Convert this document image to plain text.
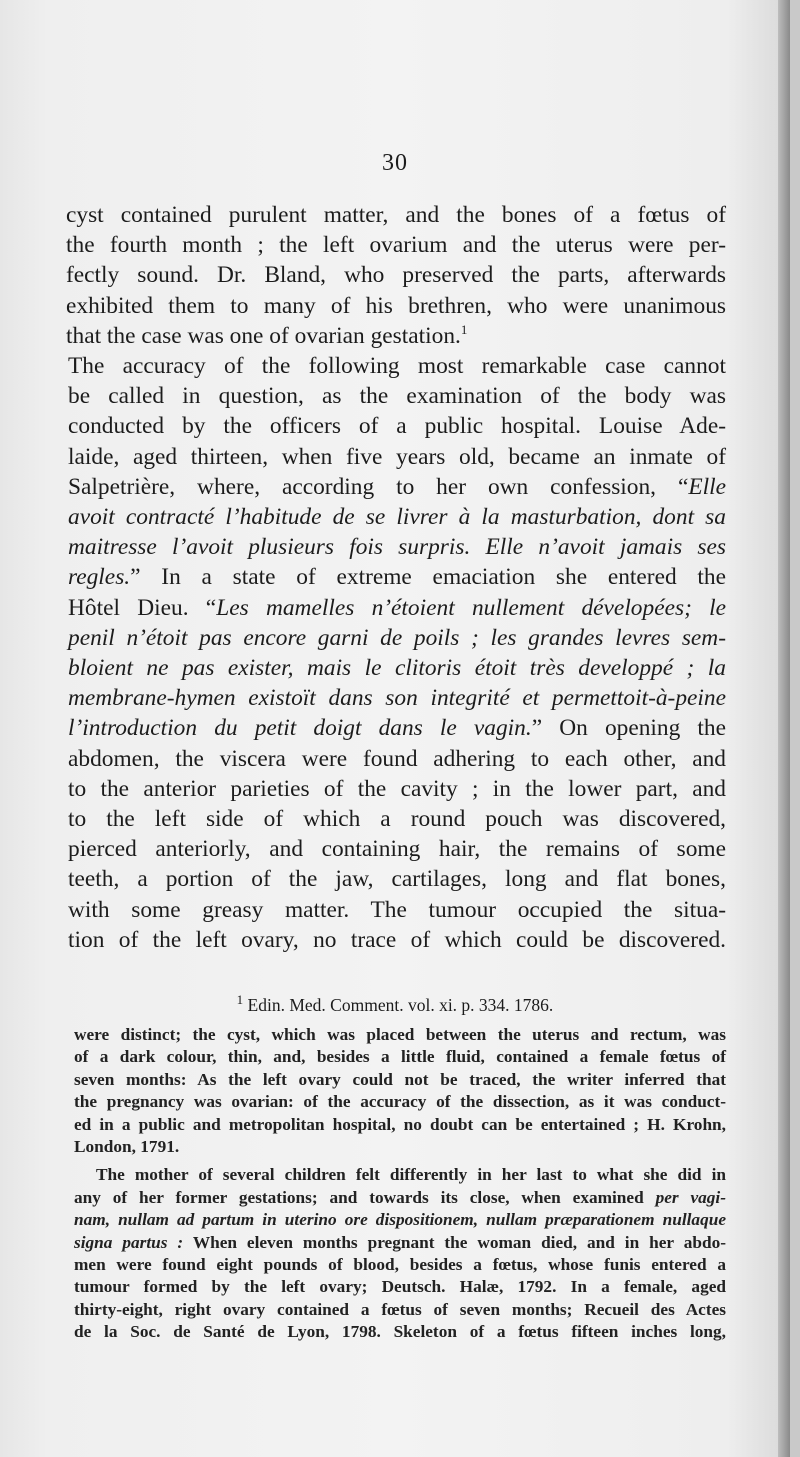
30

cyst contained purulent matter, and the bones of a fœtus of
the fourth month ; the left ovarium and the uterus were per-
fectly sound. Dr. Bland, who preserved the parts, afterwards
exhibited them to many of his brethren, who were unanimous
that the case was one of ovarian gestation.$^1$

The accuracy of the following most remarkable case cannot
be called in question, as the examination of the body was
conducted by the officers of a public hospital. Louise Ade-
laide, aged thirteen, when five years old, became an inmate of
Salpetrière, where, according to her own confession, “Elle
avoit contracté l’habitude de se livrer à la masturbation, dont sa
maitresse l’avoit plusieurs fois surpris. Elle n’avoit jamais ses
regles.” In a state of extreme emaciation she entered the
Hôtel Dieu. “Les mamelles n’étoient nullement dévelopées; le
penil n’étoit pas encore garni de poils ; les grandes levres sem-
bloient ne pas exister, mais le clitoris étoit très developpé ; la
membrane-hymen existoït dans son integrité et permettoit-à-peine
l’introduction du petit doigt dans le vagin.” On opening the
abdomen, the viscera were found adhering to each other, and
to the anterior parieties of the cavity ; in the lower part, and
to the left side of which a round pouch was discovered,
pierced anteriorly, and containing hair, the remains of some
teeth, a portion of the jaw, cartilages, long and flat bones,
with some greasy matter. The tumour occupied the situa-
tion of the left ovary, no trace of which could be discovered.

$^1$ Edin. Med. Comment. vol. xi. p. 334. 1786.
were distinct; the cyst, which was placed between the uterus and rectum, was
of a dark colour, thin, and, besides a little fluid, contained a female fœtus of
seven months: As the left ovary could not be traced, the writer inferred that
the pregnancy was ovarian: of the accuracy of the dissection, as it was conduct-
ed in a public and metropolitan hospital, no doubt can be entertained ; H. Krohn,
London, 1791.
The mother of several children felt differently in her last to what she did in
any of her former gestations; and towards its close, when examined per vagi-
nam, nullam ad partum in uterino ore dispositionem, nullam præparationem nullaque
signa partus : When eleven months pregnant the woman died, and in her abdo-
men were found eight pounds of blood, besides a fœtus, whose funis entered a
tumour formed by the left ovary; Deutsch. Halæ, 1792. In a female, aged
thirty-eight, right ovary contained a fœtus of seven months; Recueil des Actes
de la Soc. de Santé de Lyon, 1798. Skeleton of a fœtus fifteen inches long,
